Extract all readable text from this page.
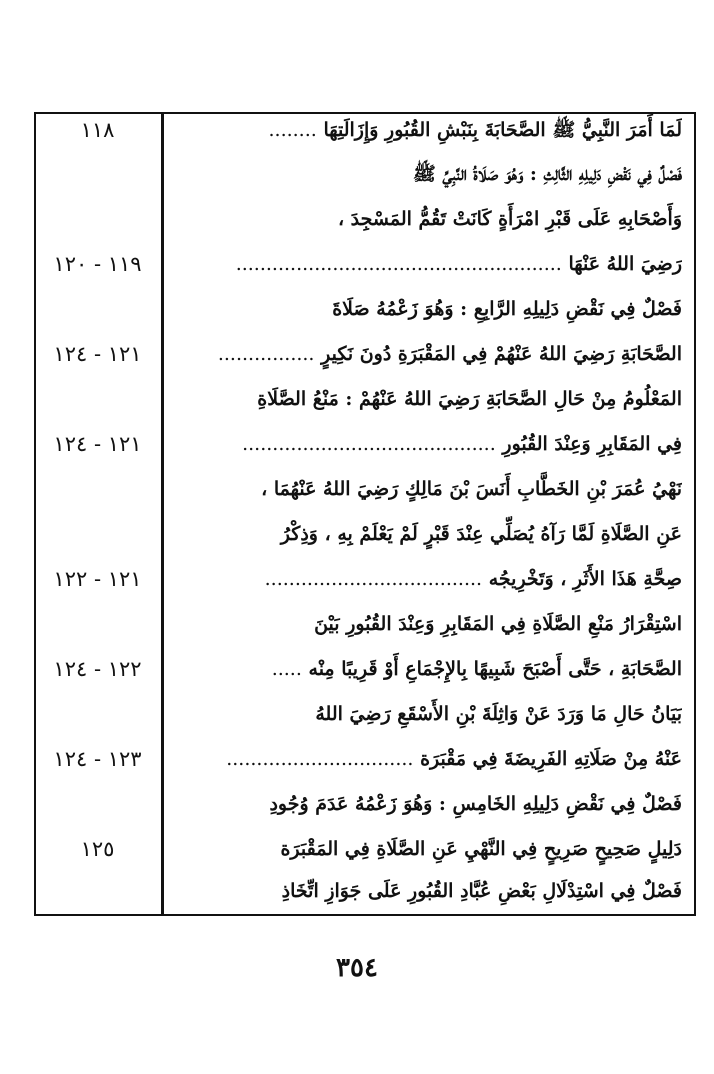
لَمَا أَمَرَ النَّبِيُّ ﷺ الصَّحَابَةَ بِنَبْشِ القُبُورِ وَإِزَالَتِهَا ........
١١٨
فَصْلٌ فِي نَقْضِ دَلِيلِهِ الثَّالِثِ : وَهُوَ صَلَاةُ النَّبِيِّ ﷺ
وَأَصْحَابِهِ عَلَى قَبْرِ امْرَأَةٍ كَانَتْ تَقُمُّ المَسْجِدَ ،
رَضِيَ اللهُ عَنْهَا ......................................................
١١٩ - ١٢٠
فَصْلٌ فِي نَقْضِ دَلِيلِهِ الرَّابِعِ : وَهُوَ زَعْمُهُ صَلَاةَ
الصَّحَابَةِ رَضِيَ اللهُ عَنْهُمْ فِي المَقْبَرَةِ دُونَ نَكِيرٍ ................
١٢١ - ١٢٤
المَعْلُومُ مِنْ حَالِ الصَّحَابَةِ رَضِيَ اللهُ عَنْهُمْ : مَنْعُ الصَّلَاةِ
فِي المَقَابِرِ وَعِنْدَ القُبُورِ ..........................................
١٢١ - ١٢٤
نَهْيُ عُمَرَ بْنِ الخَطَّابِ أَنَسَ بْنَ مَالِكٍ رَضِيَ اللهُ عَنْهُمَا ،
عَنِ الصَّلَاةِ لَمَّا رَآهُ يُصَلِّي عِنْدَ قَبْرٍ لَمْ يَعْلَمْ بِهِ ، وَذِكْرُ
صِحَّةِ هَذَا الأَثَرِ ، وَتَخْرِيجُه ....................................
١٢١ - ١٢٢
اسْتِقْرَارُ مَنْعِ الصَّلَاةِ فِي المَقَابِرِ وَعِنْدَ القُبُورِ بَيْنَ
الصَّحَابَةِ ، حَتَّى أَصْبَحَ شَبِيهًا بِالإِجْمَاعِ أَوْ قَرِيبًا مِنْه .....
١٢٢ - ١٢٤
بَيَانُ حَالِ مَا وَرَدَ عَنْ وَاثِلَةَ بْنِ الأَسْقَعِ رَضِيَ اللهُ
عَنْهُ مِنْ صَلَاتِهِ الفَرِيضَةَ فِي مَقْبَرَة ...............................
١٢٣ - ١٢٤
فَصْلٌ فِي نَقْضِ دَلِيلِهِ الخَامِسِ : وَهُوَ زَعْمُهُ عَدَمَ وُجُودِ
دَلِيلٍ صَحِيحٍ صَرِيحٍ فِي النَّهْيِ عَنِ الصَّلَاةِ فِي المَقْبَرَة
١٢٥
فَصْلٌ فِي اسْتِدْلَالِ بَعْضِ عُبَّادِ القُبُورِ عَلَى جَوَازِ اتِّخَاذِ
٣٥٤
